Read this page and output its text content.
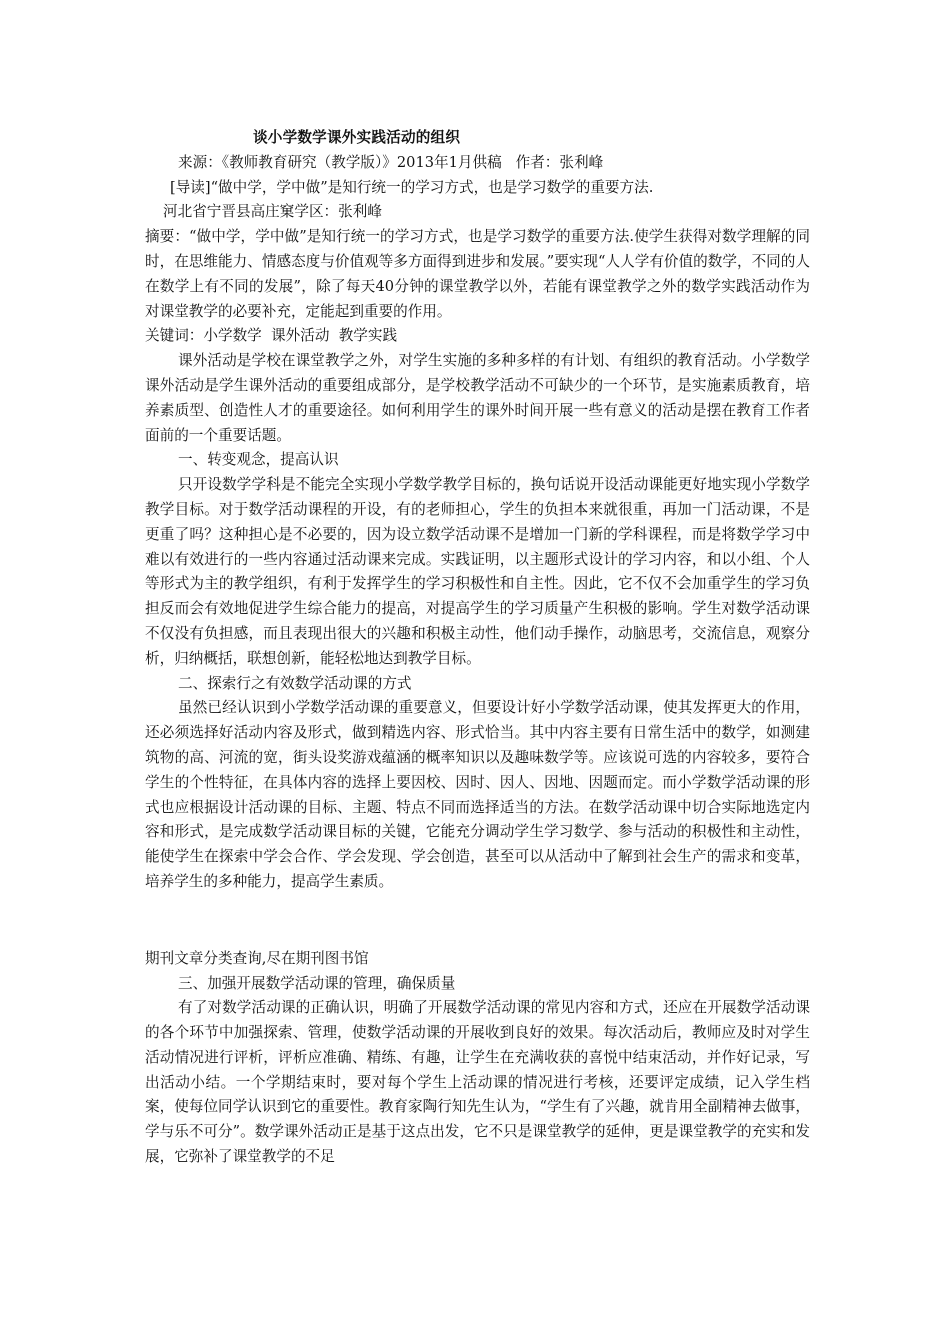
谈小学数学课外实践活动的组织
来源：《教师教育研究（教学版）》2013年1月供稿   作者：张利峰
[导读]“做中学，学中做”是知行统一的学习方式，也是学习数学的重要方法.
河北省宁晋县高庄窠学区：张利峰
摘要：“做中学，学中做”是知行统一的学习方式，也是学习数学的重要方法.使学生获得对数学理解的同时，在思维能力、情感态度与价值观等多方面得到进步和发展。”要实现“人人学有价值的数学，不同的人在数学上有不同的发展”，除了每天40分钟的课堂教学以外，若能有课堂教学之外的数学实践活动作为对课堂教学的必要补充，定能起到重要的作用。
关键词：小学数学  课外活动  教学实践
课外活动是学校在课堂教学之外，对学生实施的多种多样的有计划、有组织的教育活动。小学数学课外活动是学生课外活动的重要组成部分，是学校教学活动不可缺少的一个环节，是实施素质教育，培养素质型、创造性人才的重要途径。如何利用学生的课外时间开展一些有意义的活动是摆在教育工作者面前的一个重要话题。
一、转变观念，提高认识
只开设数学学科是不能完全实现小学数学教学目标的，换句话说开设活动课能更好地实现小学数学教学目标。对于数学活动课程的开设，有的老师担心，学生的负担本来就很重，再加一门活动课，不是更重了吗？这种担心是不必要的，因为设立数学活动课不是增加一门新的学科课程，而是将数学学习中难以有效进行的一些内容通过活动课来完成。实践证明，以主题形式设计的学习内容，和以小组、个人等形式为主的教学组织，有利于发挥学生的学习积极性和自主性。因此，它不仅不会加重学生的学习负担反而会有效地促进学生综合能力的提高，对提高学生的学习质量产生积极的影响。学生对数学活动课不仅没有负担感，而且表现出很大的兴趣和积极主动性，他们动手操作，动脑思考，交流信息，观察分析，归纳概括，联想创新，能轻松地达到教学目标。
二、探索行之有效数学活动课的方式
虽然已经认识到小学数学活动课的重要意义，但要设计好小学数学活动课，使其发挥更大的作用，还必须选择好活动内容及形式，做到精选内容、形式恰当。其中内容主要有日常生活中的数学，如测建筑物的高、河流的宽，街头设奖游戏蕴涵的概率知识以及趣味数学等。应该说可选的内容较多，要符合学生的个性特征，在具体内容的选择上要因校、因时、因人、因地、因题而定。而小学数学活动课的形式也应根据设计活动课的目标、主题、特点不同而选择适当的方法。在数学活动课中切合实际地选定内容和形式，是完成数学活动课目标的关键，它能充分调动学生学习数学、参与活动的积极性和主动性，能使学生在探索中学会合作、学会发现、学会创造，甚至可以从活动中了解到社会生产的需求和变革，培养学生的多种能力，提高学生素质。
期刊文章分类查询,尽在期刊图书馆
三、加强开展数学活动课的管理，确保质量
有了对数学活动课的正确认识，明确了开展数学活动课的常见内容和方式，还应在开展数学活动课的各个环节中加强探索、管理，使数学活动课的开展收到良好的效果。每次活动后，教师应及时对学生活动情况进行评析，评析应准确、精练、有趣，让学生在充满收获的喜悦中结束活动，并作好记录，写出活动小结。一个学期结束时，要对每个学生上活动课的情况进行考核，还要评定成绩，记入学生档案，使每位同学认识到它的重要性。教育家陶行知先生认为，“学生有了兴趣，就肯用全副精神去做事，学与乐不可分”。数学课外活动正是基于这点出发，它不只是课堂教学的延伸，更是课堂教学的充实和发展，它弥补了课堂教学的不足
